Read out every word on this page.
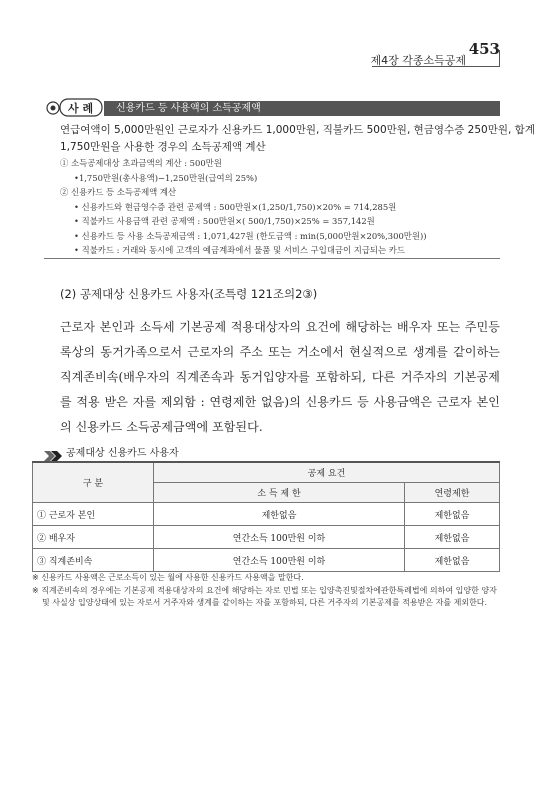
제4장 각종소득공제
453
사 례	신용카드 등 사용액의 소득공제액
연급여액이 5,000만원인 근로자가 신용카드 1,000만원, 직불카드 500만원, 현금영수증 250만원, 합계
1,750만원을 사용한 경우의 소득공제액 계산
① 소득공제대상 초과금액의 계산 : 500만원
•1,750만원(총사용액)−1,250만원(급여의 25%)
② 신용카드 등 소득공제액 계산
• 신용카드와 현금영수증 관련 공제액 : 500만원×(1,250/1,750)×20% = 714,285원
• 직불카드 사용금액 관련 공제액 : 500만원×( 500/1,750)×25% = 357,142원
• 신용카드 등 사용 소득공제금액 : 1,071,427원 (한도금액 : min(5,000만원×20%,300만원))
• 직불카드 : 거래와 동시에 고객의 예금계좌에서 물품 및 서비스 구입대금이 지급되는 카드
(2) 공제대상 신용카드 사용자(조특령 121조의2③)
근로자 본인과 소득세 기본공제 적용대상자의 요건에 해당하는 배우자 또는 주민등록상의 동거가족으로서 근로자의 주소 또는 거소에서 현실적으로 생계를 같이하는 직계존비속(배우자의 직계존속과 동거입양자를 포함하되, 다른 거주자의 기본공제를 적용 받은 자를 제외함 : 연령제한 없음)의 신용카드 등 사용금액은 근로자 본인의 신용카드 소득공제금액에 포함된다.
공제대상 신용카드 사용자
구 분	공제 요건	
	소 득 제 한	연령제한
① 근로자 본인	제한없음	제한없음
② 배우자	연간소득 100만원 이하	제한없음
③ 직계존비속	연간소득 100만원 이하	제한없음
※ 신용카드 사용액은 근로소득이 있는 월에 사용한 신용카드 사용액을 말한다.
※ 직계존비속의 경우에는 기본공제 적용대상자의 요건에 해당하는 자로 민법 또는 입양촉진및절차에관한특례법에 의하여 입양한 양자 및 사실상 입양상태에 있는 자로서 거주자와 생계를 같이하는 자를 포함하되, 다른 거주자의 기본공제를 적용받은 자를 제외한다.
